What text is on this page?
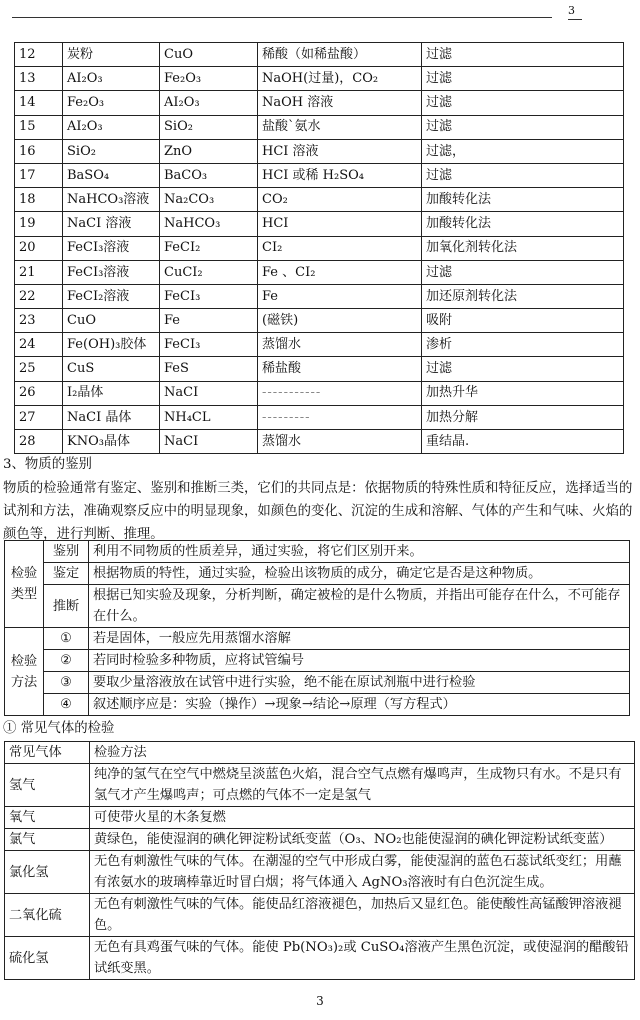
3
12	炭粉	CuO	稀酸（如稀盐酸）	过滤
13	AI₂O₃	Fe₂O₃	NaOH(过量)，CO₂	过滤
14	Fe₂O₃	AI₂O₃	NaOH 溶液	过滤
15	AI₂O₃	SiO₂	盐酸`氨水	过滤
16	SiO₂	ZnO	HCI 溶液	过滤，
17	BaSO₄	BaCO₃	HCI 或稀 H₂SO₄	过滤
18	NaHCO₃溶液	Na₂CO₃	CO₂	加酸转化法
19	NaCI 溶液	NaHCO₃	HCI	加酸转化法
20	FeCI₃溶液	FeCI₂	CI₂	加氧化剂转化法
21	FeCI₃溶液	CuCI₂	Fe 、CI₂	过滤
22	FeCI₂溶液	FeCI₃	Fe	加还原剂转化法
23	CuO	Fe	(磁铁)	吸附
24	Fe(OH)₃胶体	FeCI₃	蒸馏水	渗析
25	CuS	FeS	稀盐酸	过滤
26	I₂晶体	NaCI	-----------	加热升华
27	NaCI 晶体	NH₄CL	---------	加热分解
28	KNO₃晶体	NaCI	蒸馏水	重结晶.
3、物质的鉴别
物质的检验通常有鉴定、鉴别和推断三类，它们的共同点是：依据物质的特殊性质和特征反应，选择适当的试剂和方法，准确观察反应中的明显现象，如颜色的变化、沉淀的生成和溶解、气体的产生和气味、火焰的颜色等，进行判断、推理。
检验类型	鉴别	利用不同物质的性质差异，通过实验，将它们区别开来。
	鉴定	根据物质的特性，通过实验，检验出该物质的成分，确定它是否是这种物质。
	推断	根据已知实验及现象，分析判断，确定被检的是什么物质，并指出可能存在什么，不可能存在什么。
检验方法	①	若是固体，一般应先用蒸馏水溶解
	②	若同时检验多种物质，应将试管编号
	③	要取少量溶液放在试管中进行实验，绝不能在原试剂瓶中进行检验
	④	叙述顺序应是：实验（操作）→现象→结论→原理（写方程式）
① 常见气体的检验
常见气体	检验方法
氢气	纯净的氢气在空气中燃烧呈淡蓝色火焰，混合空气点燃有爆鸣声，生成物只有水。不是只有氢气才产生爆鸣声；可点燃的气体不一定是氢气
氧气	可使带火星的木条复燃
氯气	黄绿色，能使湿润的碘化钾淀粉试纸变蓝（O₃、NO₂也能使湿润的碘化钾淀粉试纸变蓝）
氯化氢	无色有刺激性气味的气体。在潮湿的空气中形成白雾，能使湿润的蓝色石蕊试纸变红；用蘸有浓氨水的玻璃棒靠近时冒白烟；将气体通入 AgNO₃溶液时有白色沉淀生成。
二氧化硫	无色有刺激性气味的气体。能使品红溶液褪色，加热后又显红色。能使酸性高锰酸钾溶液褪色。
硫化氢	无色有具鸡蛋气味的气体。能使 Pb(NO₃)₂或 CuSO₄溶液产生黑色沉淀，或使湿润的醋酸铅试纸变黑。
3
